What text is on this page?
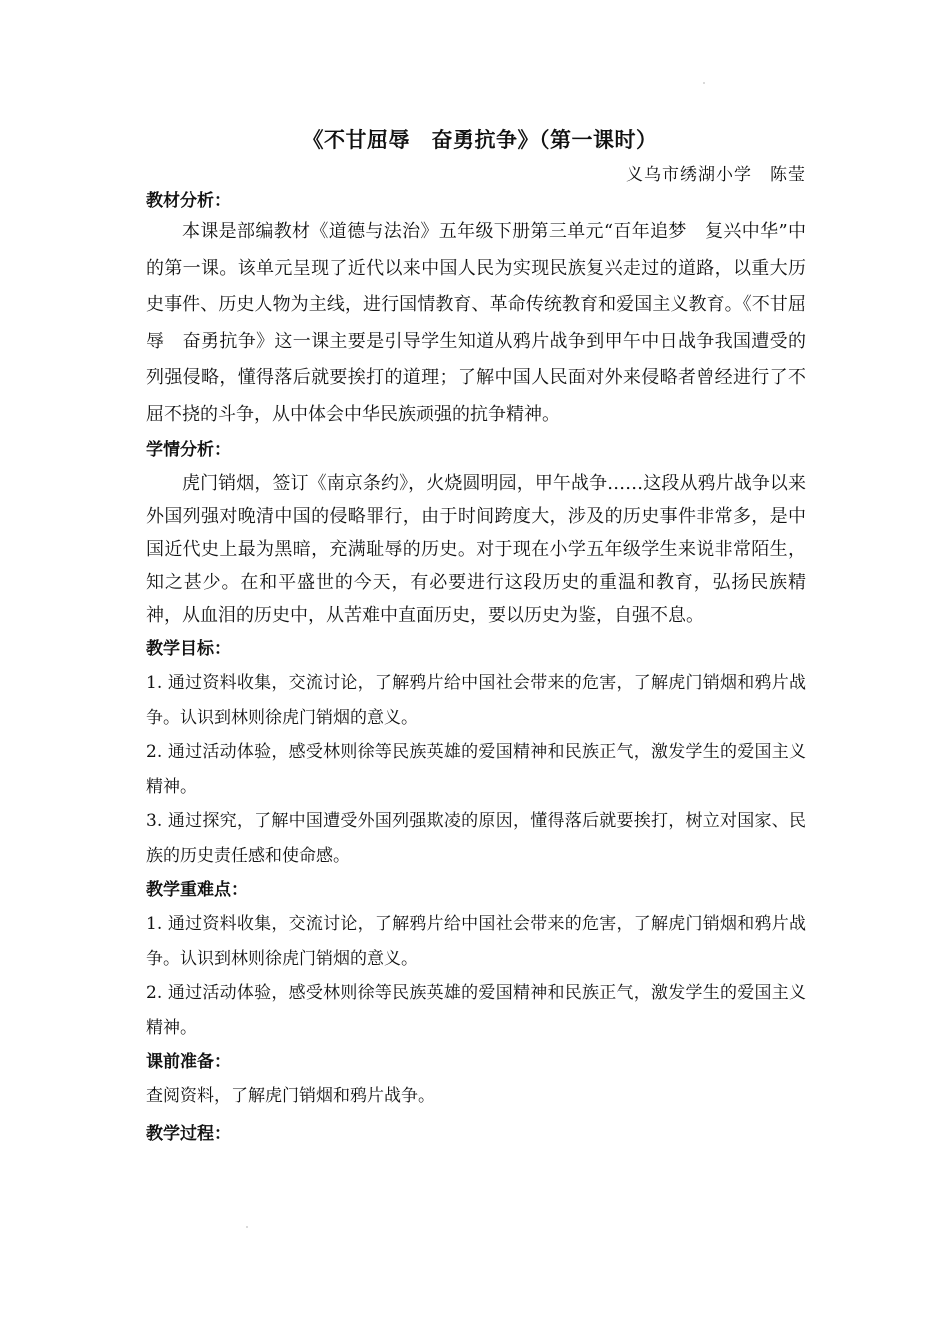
《不甘屈辱　奋勇抗争》（第一课时）

义乌市绣湖小学　陈莹

教材分析：

本课是部编教材《道德与法治》五年级下册第三单元“百年追梦　复兴中华”中的第一课。该单元呈现了近代以来中国人民为实现民族复兴走过的道路，以重大历史事件、历史人物为主线，进行国情教育、革命传统教育和爱国主义教育。《不甘屈辱　奋勇抗争》这一课主要是引导学生知道从鸦片战争到甲午中日战争我国遭受的列强侵略，懂得落后就要挨打的道理；了解中国人民面对外来侵略者曾经进行了不屈不挠的斗争，从中体会中华民族顽强的抗争精神。

学情分析：

虎门销烟，签订《南京条约》，火烧圆明园，甲午战争……这段从鸦片战争以来外国列强对晚清中国的侵略罪行，由于时间跨度大，涉及的历史事件非常多，是中国近代史上最为黑暗，充满耻辱的历史。对于现在小学五年级学生来说非常陌生，知之甚少。在和平盛世的今天，有必要进行这段历史的重温和教育，弘扬民族精神，从血泪的历史中，从苦难中直面历史，要以历史为鉴，自强不息。

教学目标：

1. 通过资料收集，交流讨论，了解鸦片给中国社会带来的危害，了解虎门销烟和鸦片战争。认识到林则徐虎门销烟的意义。

2. 通过活动体验，感受林则徐等民族英雄的爱国精神和民族正气，激发学生的爱国主义精神。

3. 通过探究，了解中国遭受外国列强欺凌的原因，懂得落后就要挨打，树立对国家、民族的历史责任感和使命感。

教学重难点：

1. 通过资料收集，交流讨论，了解鸦片给中国社会带来的危害，了解虎门销烟和鸦片战争。认识到林则徐虎门销烟的意义。

2. 通过活动体验，感受林则徐等民族英雄的爱国精神和民族正气，激发学生的爱国主义精神。

课前准备：

查阅资料，了解虎门销烟和鸦片战争。

教学过程：
